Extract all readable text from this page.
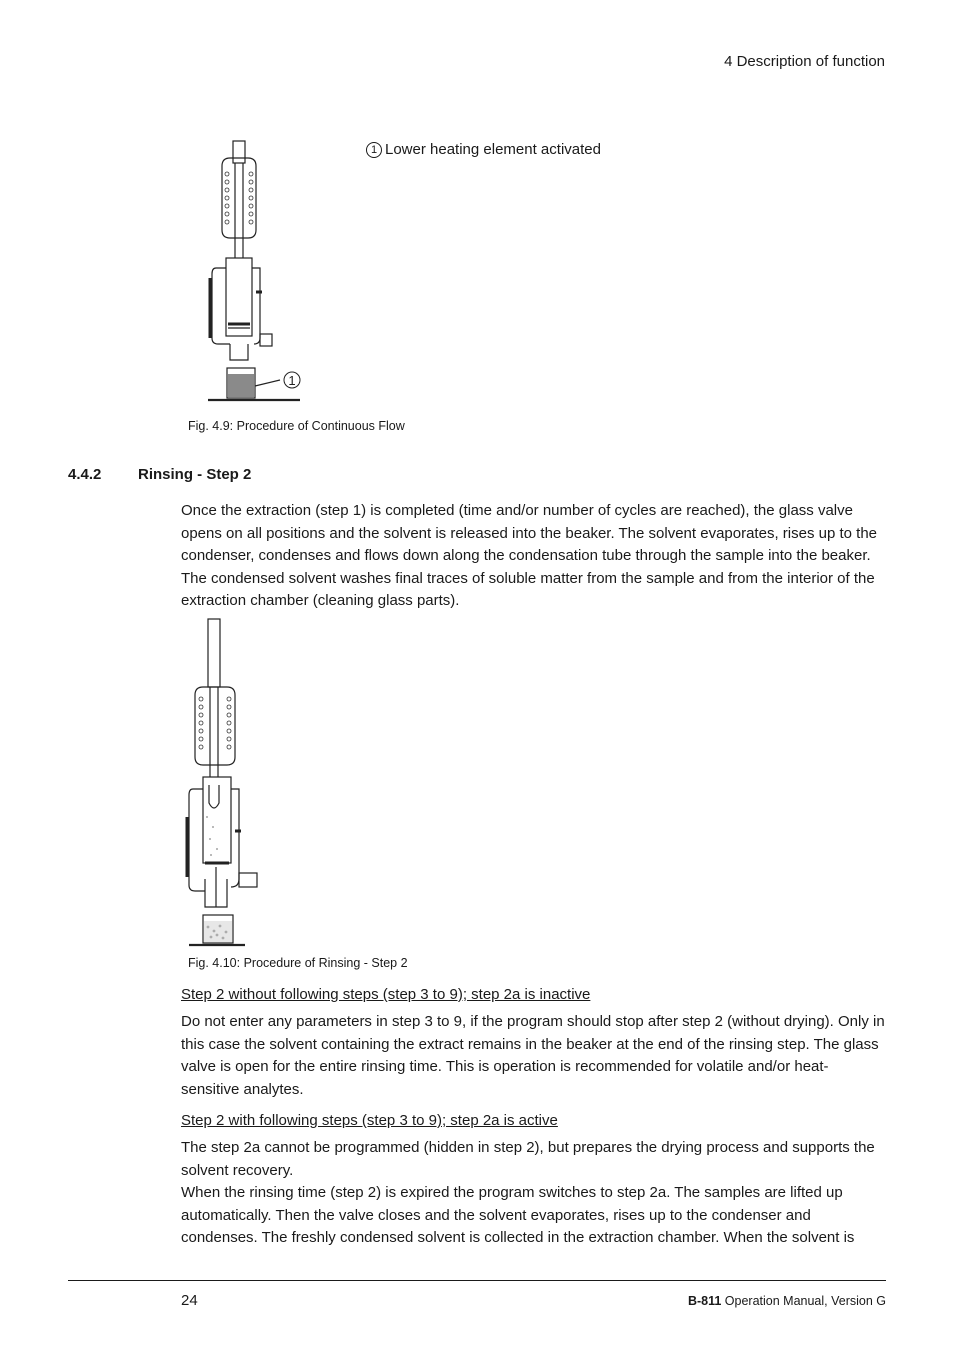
4 Description of function
1
1 Lower heating element activated
Fig. 4.9: Procedure of Continuous Flow
4.4.2 Rinsing - Step 2
Once the extraction (step 1) is completed (time and/or number of cycles are reached), the glass valve opens on all positions and the solvent is released into the beaker. The solvent evaporates, rises up to the condenser, condenses and flows down along the condensation tube through the sample into the beaker. The condensed solvent washes final traces of soluble matter from the sample and from the interior of the extraction chamber (cleaning glass parts).
Fig. 4.10: Procedure of Rinsing - Step 2
Step 2 without following steps (step 3 to 9); step 2a is inactive
Do not enter any parameters in step 3 to 9, if the program should stop after step 2 (without drying). Only in this case the solvent containing the extract remains in the beaker at the end of the rinsing step. The glass valve is open for the entire rinsing time. This is operation is recommended for volatile and/or heat-sensitive analytes.
Step 2 with following steps (step 3 to 9); step 2a is active
The step 2a cannot be programmed (hidden in step 2), but prepares the drying process and supports the solvent recovery.
When the rinsing time (step 2) is expired the program switches to step 2a. The samples are lifted up automatically. Then the valve closes and the solvent evaporates, rises up to the condenser and condenses. The freshly condensed solvent is collected in the extraction chamber. When the solvent is
24	B-811 Operation Manual, Version G
